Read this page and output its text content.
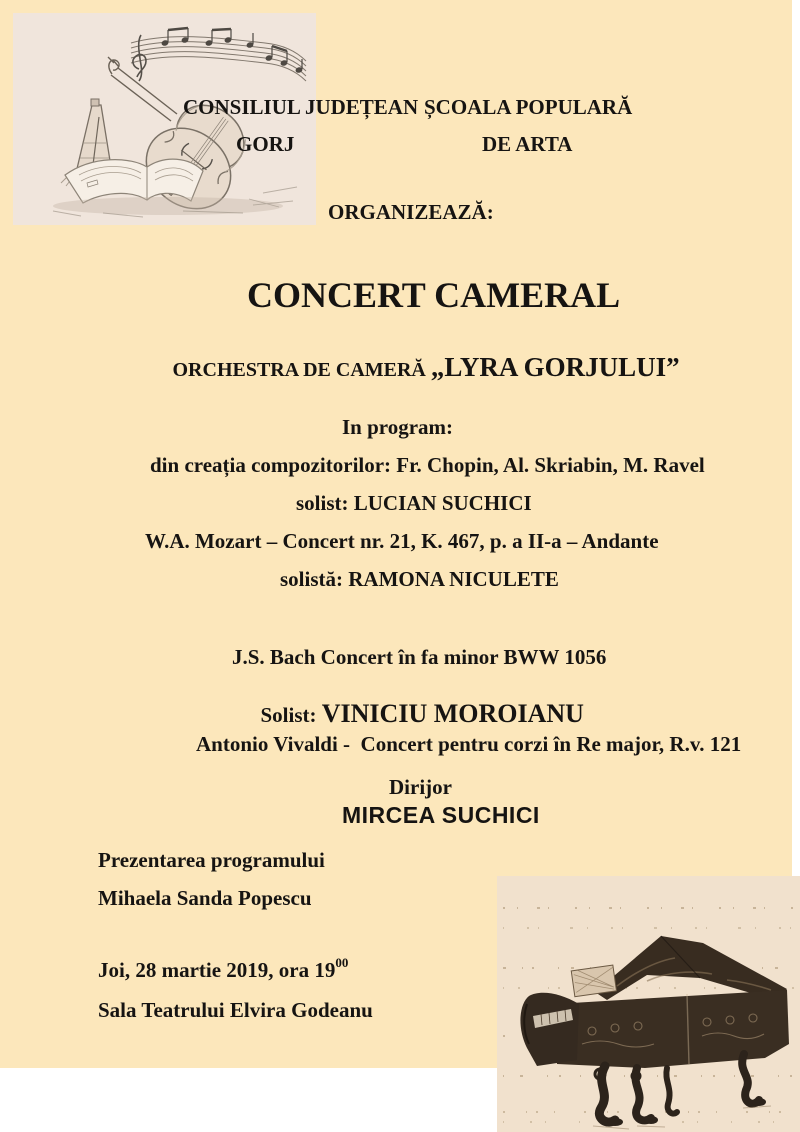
CONSILIUL JUDEȚEAN ȘCOALA POPULARĂ
GORJ	DE ARTA
ORGANIZEAZĂ:
CONCERT CAMERAL

ORCHESTRA DE CAMERĂ „LYRA GORJULUI”

In program:
din creația compozitorilor: Fr. Chopin, Al. Skriabin, M. Ravel
solist: LUCIAN SUCHICI
W.A. Mozart – Concert nr. 21, K. 467, p. a II-a – Andante
solistă: RAMONA NICULETE
J.S. Bach Concert în fa minor BWW 1056

Solist: VINICIU MOROIANU

Antonio Vivaldi -  Concert pentru corzi în Re major, R.v. 121
Dirijor
MIRCEA SUCHICI
Prezentarea programului
Mihaela Sanda Popescu
Joi, 28 martie 2019, ora $19^{00}$
Sala Teatrului Elvira Godeanu
